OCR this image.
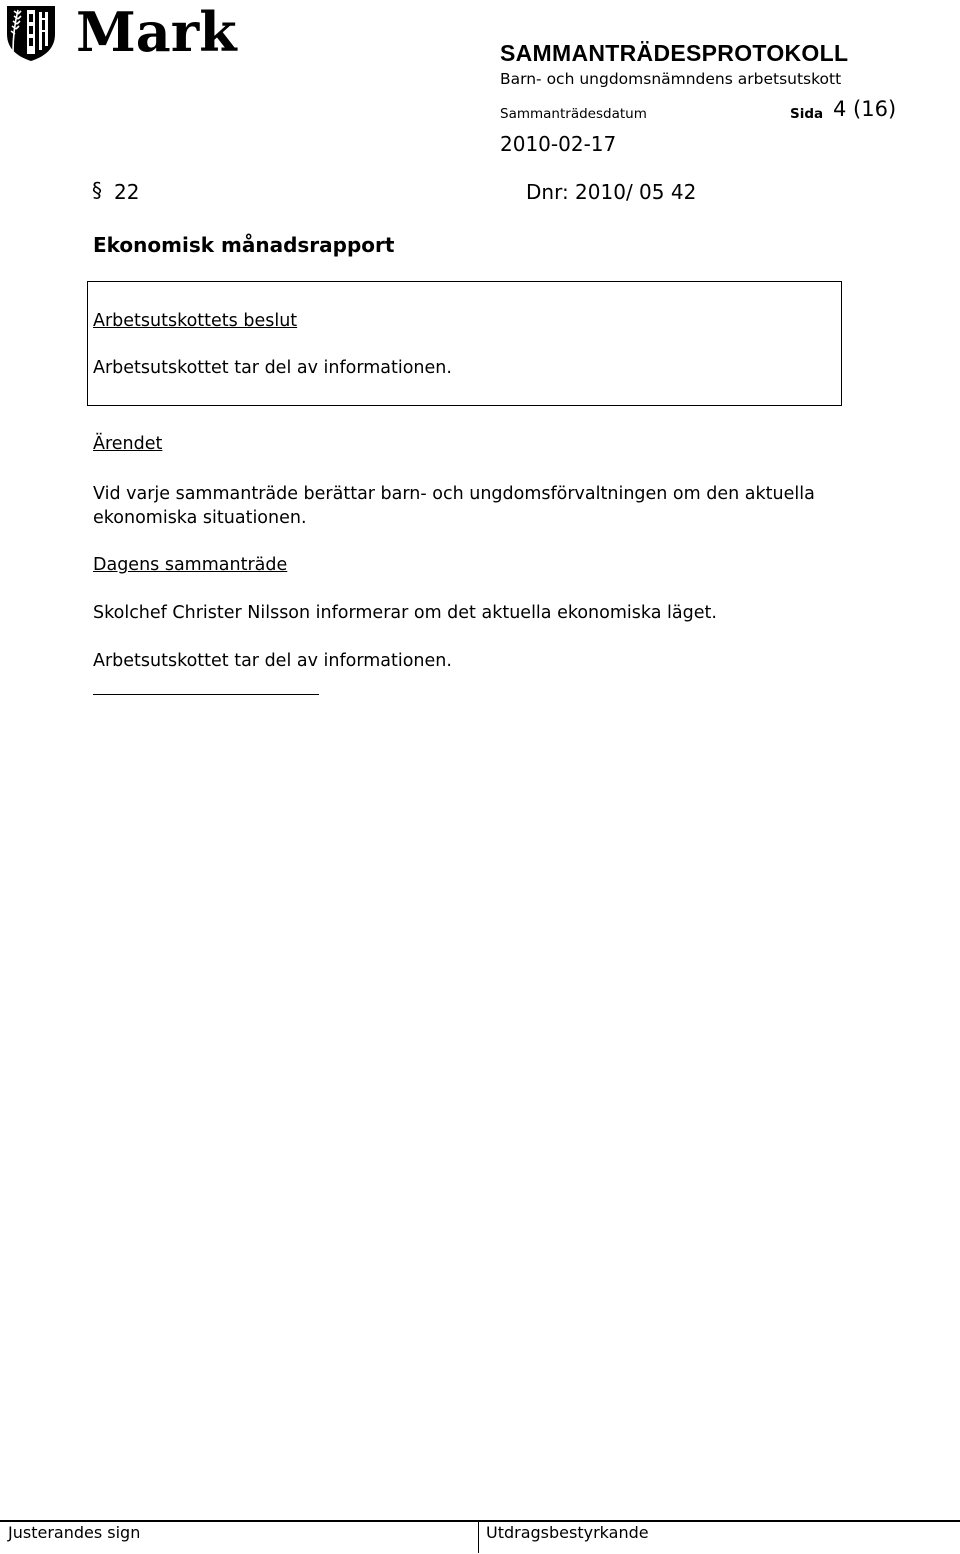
Mark	SAMMANTRÄDESPROTOKOLL
Barn- och ungdomsnämndens arbetsutskott
Sammanträdesdatum	Sida 4 (16)
2010-02-17
§ 22	Dnr: 2010/ 05 42
Ekonomisk månadsrapport
Arbetsutskottets beslut
Arbetsutskottet tar del av informationen.
Ärendet
Vid varje sammanträde berättar barn- och ungdomsförvaltningen om den aktuella ekonomiska situationen.
Dagens sammanträde
Skolchef Christer Nilsson informerar om det aktuella ekonomiska läget.
Arbetsutskottet tar del av informationen.
Justerandes sign	Utdragsbestyrkande
